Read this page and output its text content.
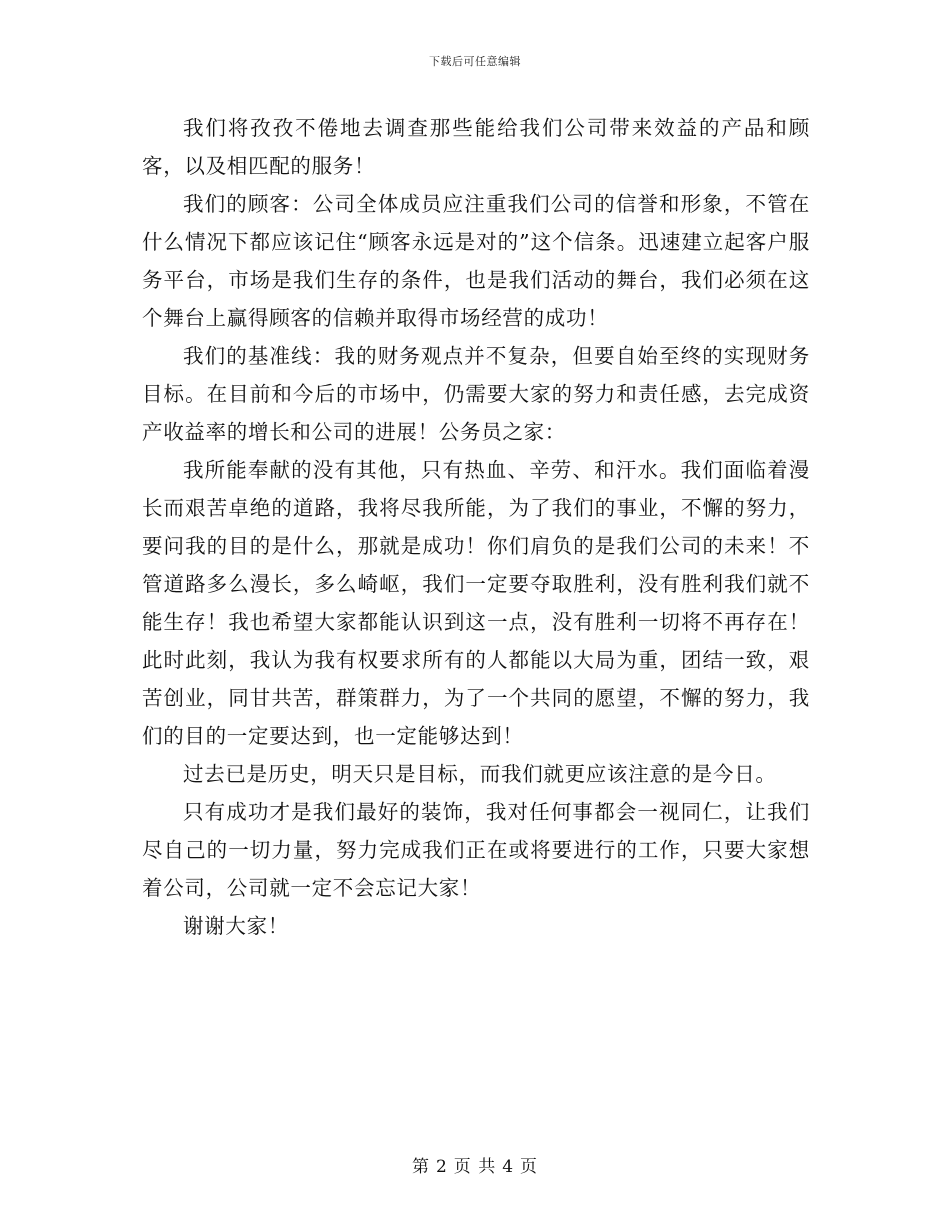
下载后可任意编辑

我们将孜孜不倦地去调查那些能给我们公司带来效益的产品和顾客，以及相匹配的服务！

我们的顾客：公司全体成员应注重我们公司的信誉和形象，不管在什么情况下都应该记住“顾客永远是对的”这个信条。迅速建立起客户服务平台，市场是我们生存的条件，也是我们活动的舞台，我们必须在这个舞台上赢得顾客的信赖并取得市场经营的成功！

我们的基准线：我的财务观点并不复杂，但要自始至终的实现财务目标。在目前和今后的市场中，仍需要大家的努力和责任感，去完成资产收益率的增长和公司的进展！公务员之家：

我所能奉献的没有其他，只有热血、辛劳、和汗水。我们面临着漫长而艰苦卓绝的道路，我将尽我所能，为了我们的事业，不懈的努力，要问我的目的是什么，那就是成功！你们肩负的是我们公司的未来！不管道路多么漫长，多么崎岖，我们一定要夺取胜利，没有胜利我们就不能生存！我也希望大家都能认识到这一点，没有胜利一切将不再存在！此时此刻，我认为我有权要求所有的人都能以大局为重，团结一致，艰苦创业，同甘共苦，群策群力，为了一个共同的愿望，不懈的努力，我们的目的一定要达到，也一定能够达到！

过去已是历史，明天只是目标，而我们就更应该注意的是今日。

只有成功才是我们最好的装饰，我对任何事都会一视同仁，让我们尽自己的一切力量，努力完成我们正在或将要进行的工作，只要大家想着公司，公司就一定不会忘记大家！

谢谢大家！

第 2 页 共 4 页
